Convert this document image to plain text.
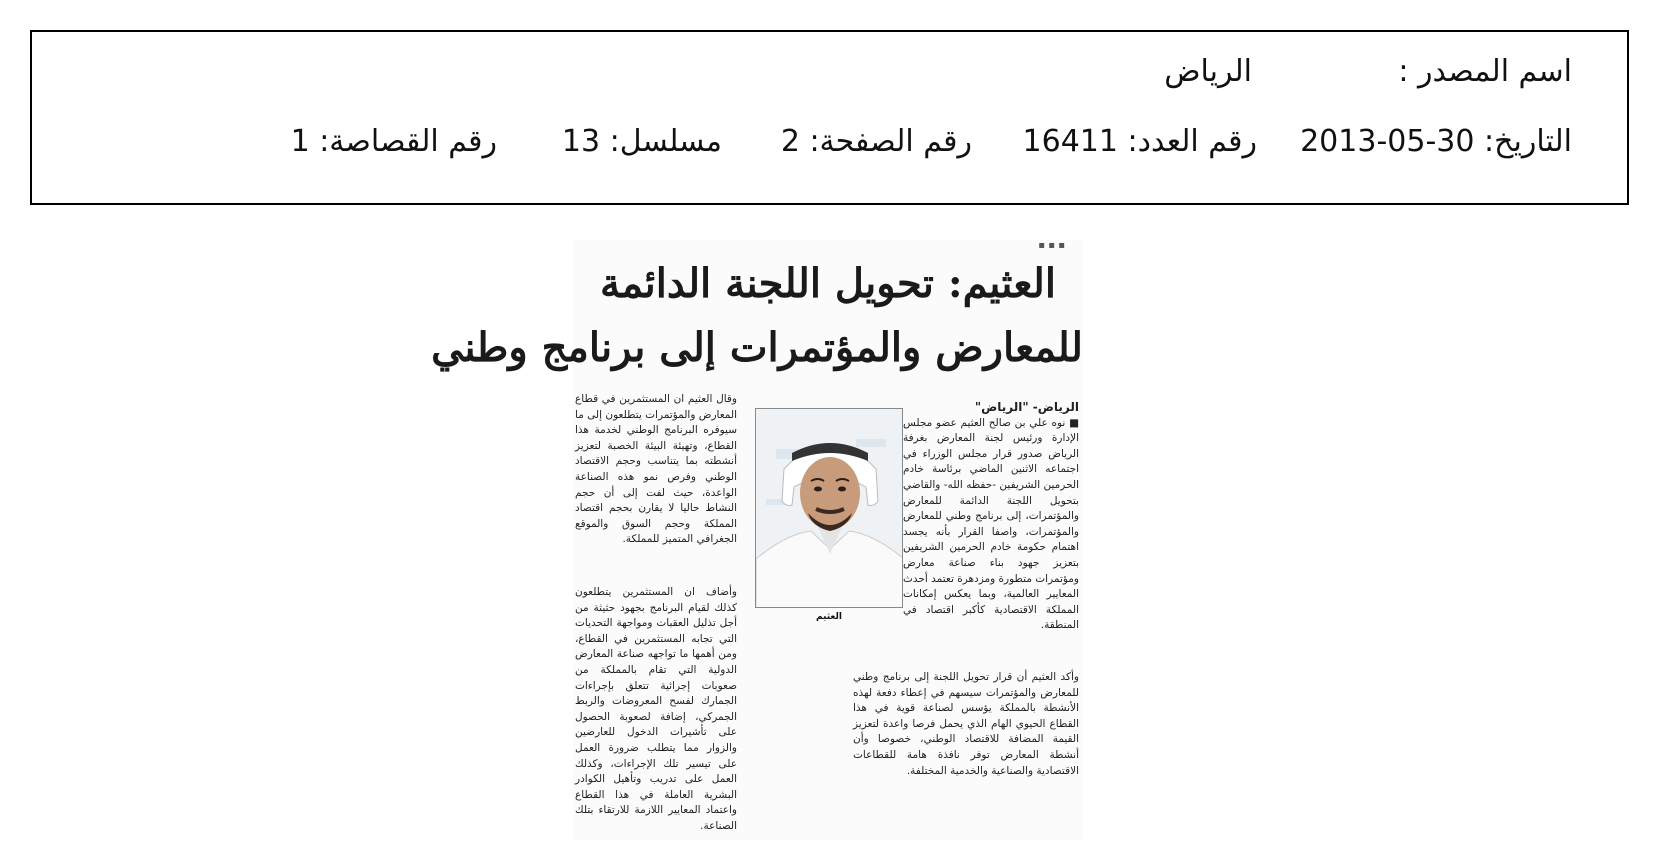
اسم المصدر :
الرياض
التاريخ: 30-05-2013
رقم العدد: 16411
رقم الصفحة: 2
مسلسل: 13
رقم القصاصة: 1
▪ ▪ ▪
العثيم: تحويل اللجنة الدائمة
للمعارض والمؤتمرات إلى برنامج وطني

الرياض- "الرياض"

■ نوه علي بن صالح العثيم عضو مجلس الإدارة ورئيس لجنة المعارض بغرفة الرياض صدور قرار مجلس الوزراء في اجتماعه الاثنين الماضي برئاسة خادم الحرمين الشريفين -حفظه الله- والقاضي بتحويل اللجنة الدائمة للمعارض والمؤتمرات، إلى برنامج وطني للمعارض والمؤتمرات، واصفا القرار بأنه يجسد اهتمام حكومة خادم الحرمين الشريفين بتعزيز جهود بناء صناعة معارض ومؤتمرات متطورة ومزدهرة تعتمد أحدث المعايير العالمية، وبما يعكس إمكانات المملكة الاقتصادية كأكبر اقتصاد في المنطقة.

العثيم

وقال العثيم ان المستثمرين في قطاع المعارض والمؤتمرات يتطلعون إلى ما سيوفره البرنامج الوطني لخدمة هذا القطاع، وتهيئة البيئة الخصبة لتعزيز أنشطته بما يتناسب وحجم الاقتصاد الوطني وفرص نمو هذه الصناعة الواعدة، حيث لفت إلى أن حجم النشاط حاليا لا يقارن بحجم اقتصاد المملكة وحجم السوق والموقع الجغرافي المتميز للمملكة.

وأضاف ان المستثمرين يتطلعون كذلك لقيام البرنامج بجهود حثيثة من أجل تذليل العقبات ومواجهة التحديات التي تجابه المستثمرين في القطاع، ومن أهمها ما تواجهه صناعة المعارض الدولية التي تقام بالمملكة من صعوبات إجرائية تتعلق بإجراءات الجمارك لفسح المعروضات والربط الجمركي، إضافة لصعوبة الحصول على تأشيرات الدخول للعارضين والزوار مما يتطلب ضرورة العمل على تيسير تلك الإجراءات، وكذلك العمل على تدريب وتأهيل الكوادر البشرية العاملة في هذا القطاع واعتماد المعايير اللازمة للارتقاء بتلك الصناعة.

وأكد العثيم أن قرار تحويل اللجنة إلى برنامج وطني للمعارض والمؤتمرات سيسهم في إعطاء دفعة لهذه الأنشطة بالمملكة يؤسس لصناعة قوية في هذا القطاع الحيوي الهام الذي يحمل فرصا واعدة لتعزيز القيمة المضافة للاقتصاد الوطني، خصوصا وأن أنشطة المعارض توفر نافذة هامة للقطاعات الاقتصادية والصناعية والخدمية المختلفة.
